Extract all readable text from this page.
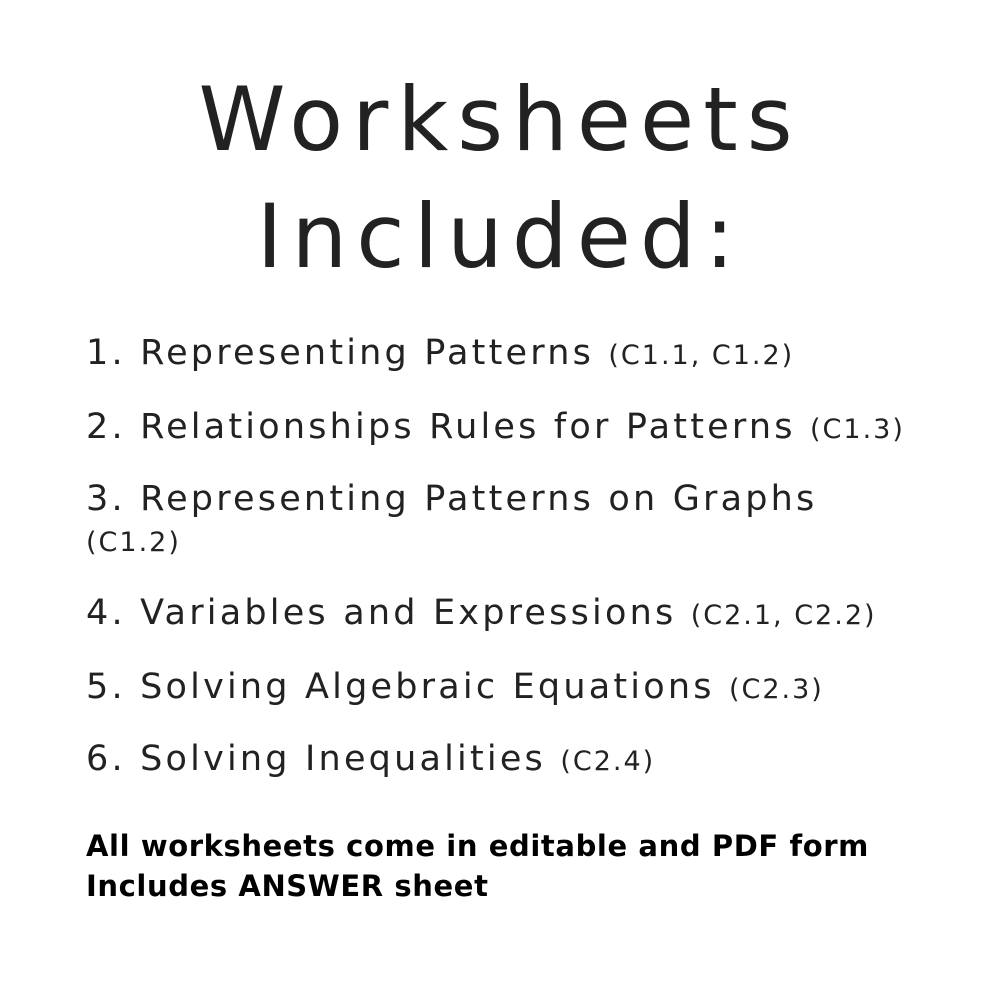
Worksheets
Included:
1. Representing Patterns (C1.1, C1.2)
2. Relationships Rules for Patterns (C1.3)
3. Representing Patterns on Graphs
(C1.2)
4. Variables and Expressions (C2.1, C2.2)
5. Solving Algebraic Equations (C2.3)
6. Solving Inequalities (C2.4)
All worksheets come in editable and PDF form
Includes ANSWER sheet
